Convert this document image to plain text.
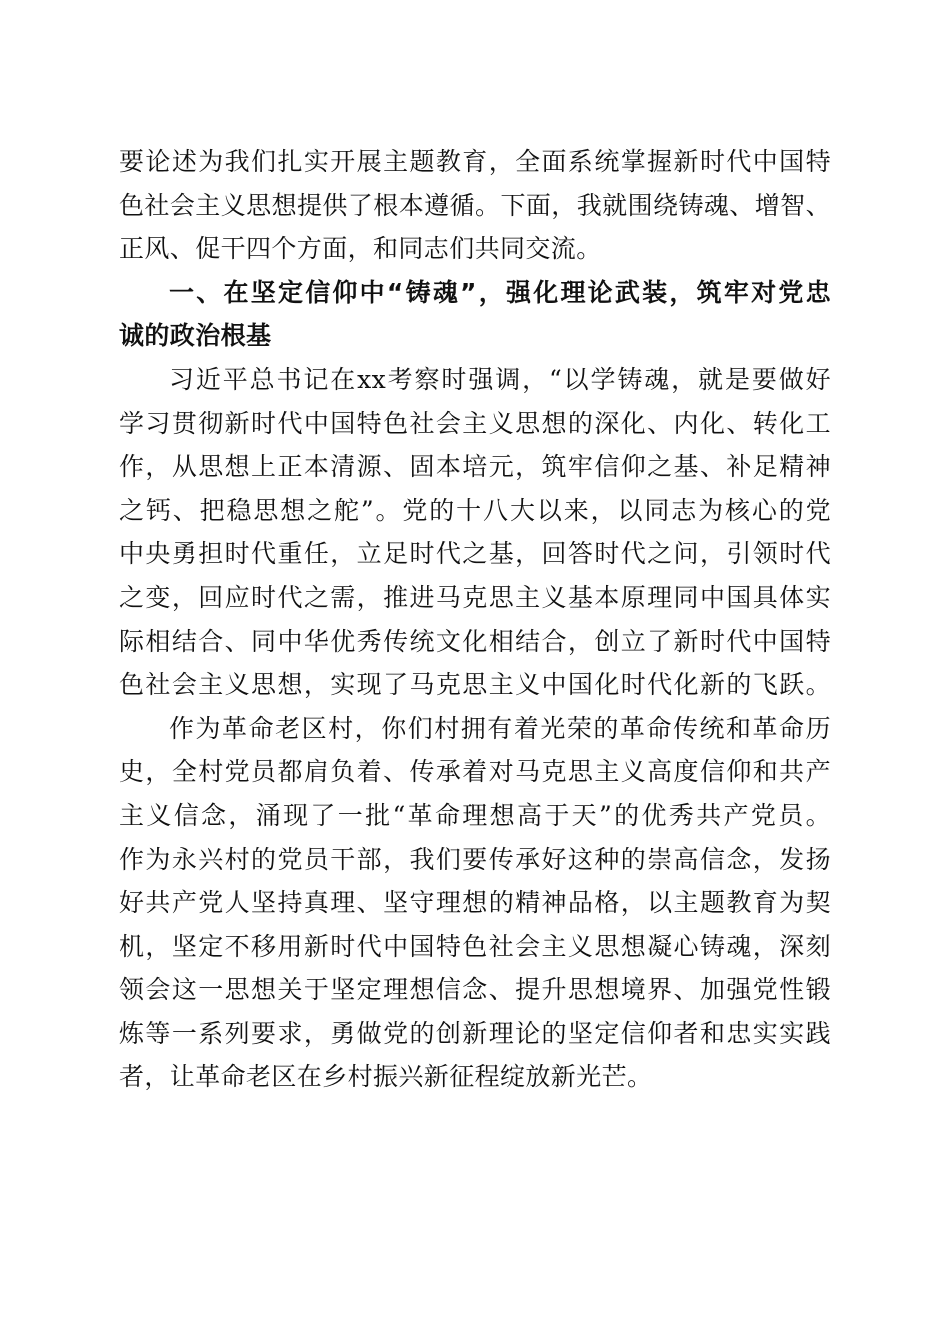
要论述为我们扎实开展主题教育，全面系统掌握新时代中国特
色社会主义思想提供了根本遵循。下面，我就围绕铸魂、增智、
正风、促干四个方面，和同志们共同交流。
一、在坚定信仰中“铸魂”，强化理论武装，筑牢对党忠
诚的政治根基
习近平总书记在xx考察时强调，“以学铸魂，就是要做好
学习贯彻新时代中国特色社会主义思想的深化、内化、转化工
作，从思想上正本清源、固本培元，筑牢信仰之基、补足精神
之钙、把稳思想之舵”。党的十八大以来，以同志为核心的党
中央勇担时代重任，立足时代之基，回答时代之问，引领时代
之变，回应时代之需，推进马克思主义基本原理同中国具体实
际相结合、同中华优秀传统文化相结合，创立了新时代中国特
色社会主义思想，实现了马克思主义中国化时代化新的飞跃。
作为革命老区村，你们村拥有着光荣的革命传统和革命历
史，全村党员都肩负着、传承着对马克思主义高度信仰和共产
主义信念，涌现了一批“革命理想高于天”的优秀共产党员。
作为永兴村的党员干部，我们要传承好这种的崇高信念，发扬
好共产党人坚持真理、坚守理想的精神品格，以主题教育为契
机，坚定不移用新时代中国特色社会主义思想凝心铸魂，深刻
领会这一思想关于坚定理想信念、提升思想境界、加强党性锻
炼等一系列要求，勇做党的创新理论的坚定信仰者和忠实实践
者，让革命老区在乡村振兴新征程绽放新光芒。
